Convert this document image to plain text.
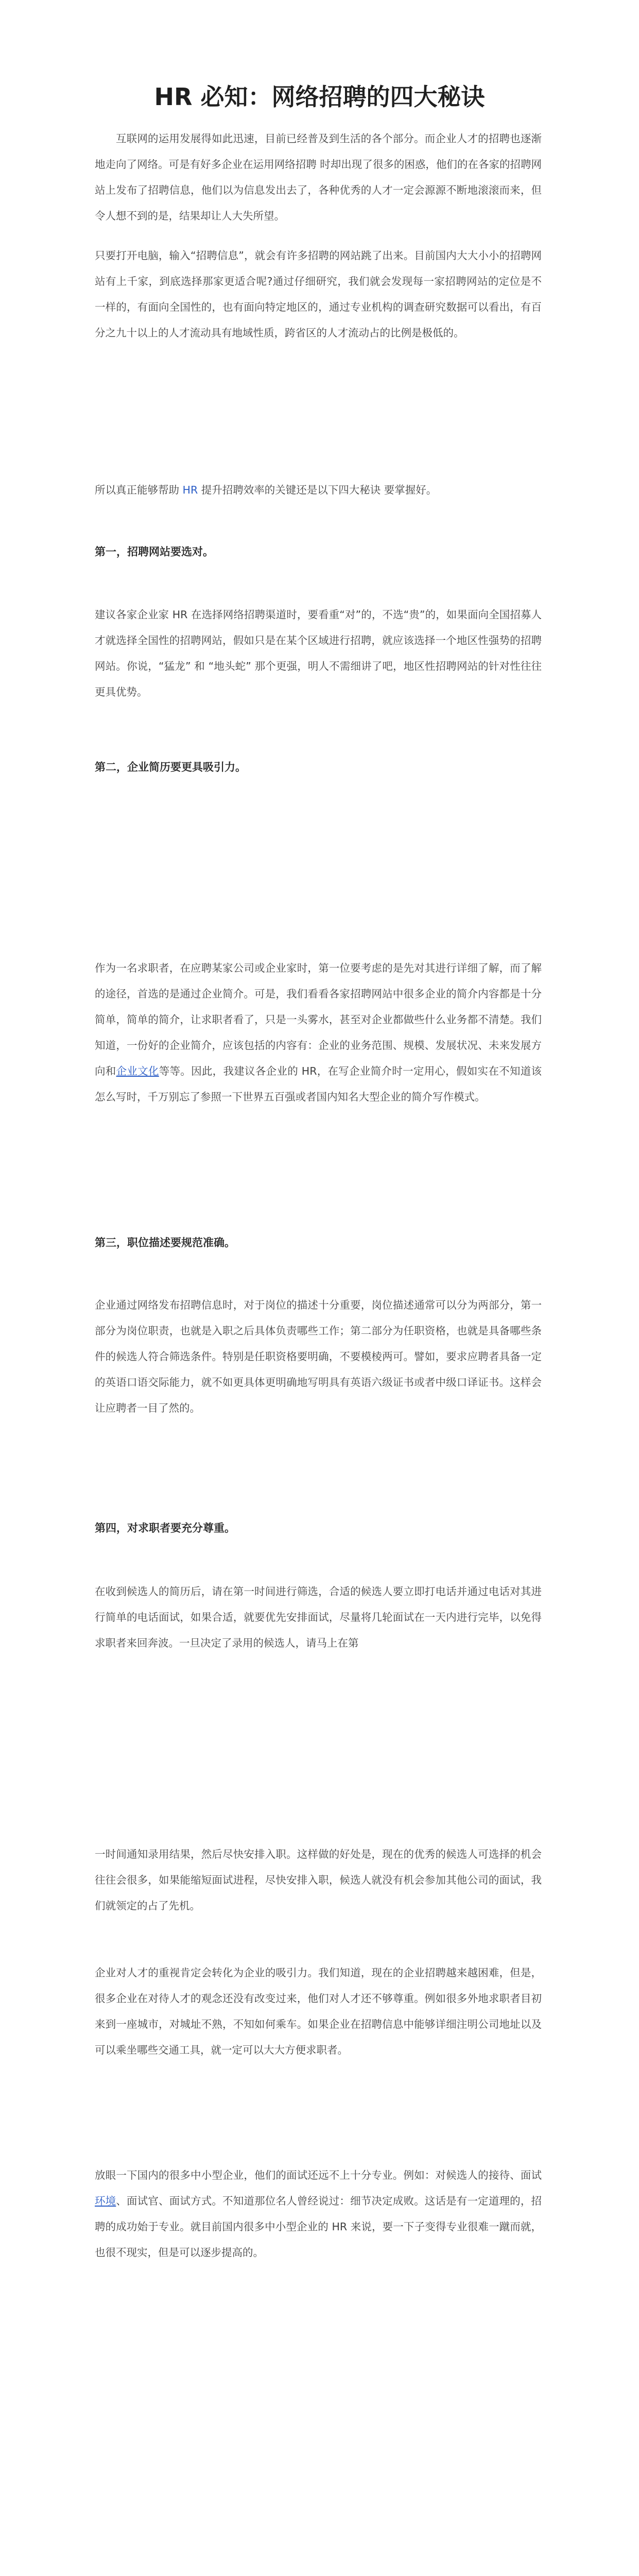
HR 必知：网络招聘的四大秘诀

互联网的运用发展得如此迅速，目前已经普及到生活的各个部分。而企业人才的招聘也逐渐地走向了网络。可是有好多企业在运用网络招聘 时却出现了很多的困惑，他们的在各家的招聘网站上发布了招聘信息，他们以为信息发出去了，各种优秀的人才一定会源源不断地滚滚而来，但令人想不到的是，结果却让人大失所望。

只要打开电脑，输入“招聘信息”，就会有许多招聘的网站跳了出来。目前国内大大小小的招聘网站有上千家，到底选择那家更适合呢?通过仔细研究，我们就会发现每一家招聘网站的定位是不一样的，有面向全国性的，也有面向特定地区的，通过专业机构的调查研究数据可以看出，有百分之九十以上的人才流动具有地域性质，跨省区的人才流动占的比例是极低的。

所以真正能够帮助 HR 提升招聘效率的关键还是以下四大秘诀 要掌握好。

第一，招聘网站要选对。

建议各家企业家 HR 在选择网络招聘渠道时，要看重“对”的，不选“贵”的，如果面向全国招募人才就选择全国性的招聘网站，假如只是在某个区域进行招聘，就应该选择一个地区性强势的招聘网站。你说，“猛龙” 和 “地头蛇” 那个更强，明人不需细讲了吧，地区性招聘网站的针对性往往更具优势。

第二，企业简历要更具吸引力。

作为一名求职者，在应聘某家公司或企业家时，第一位要考虑的是先对其进行详细了解，而了解的途径，首选的是通过企业简介。可是，我们看看各家招聘网站中很多企业的简介内容都是十分简单，简单的简介，让求职者看了，只是一头雾水，甚至对企业都做些什么业务都不清楚。我们知道，一份好的企业简介，应该包括的内容有：企业的业务范围、规模、发展状况、未来发展方向和企业文化等等。因此，我建议各企业的 HR，在写企业简介时一定用心，假如实在不知道该怎么写时，千万别忘了参照一下世界五百强或者国内知名大型企业的简介写作模式。

第三，职位描述要规范准确。

企业通过网络发布招聘信息时，对于岗位的描述十分重要，岗位描述通常可以分为两部分，第一部分为岗位职责，也就是入职之后具体负责哪些工作；第二部分为任职资格，也就是具备哪些条件的候选人符合筛选条件。特别是任职资格要明确，不要模棱两可。譬如，要求应聘者具备一定的英语口语交际能力，就不如更具体更明确地写明具有英语六级证书或者中级口译证书。这样会让应聘者一目了然的。

第四，对求职者要充分尊重。

在收到候选人的简历后，请在第一时间进行筛选，合适的候选人要立即打电话并通过电话对其进行简单的电话面试，如果合适，就要优先安排面试，尽量将几轮面试在一天内进行完毕，以免得求职者来回奔波。一旦决定了录用的候选人，请马上在第

一时间通知录用结果，然后尽快安排入职。这样做的好处是，现在的优秀的候选人可选择的机会往往会很多，如果能缩短面试进程，尽快安排入职，候选人就没有机会参加其他公司的面试，我们就领定的占了先机。

企业对人才的重视肯定会转化为企业的吸引力。我们知道，现在的企业招聘越来越困难，但是，很多企业在对待人才的观念还没有改变过来，他们对人才还不够尊重。例如很多外地求职者目初来到一座城市，对城址不熟，不知如何乘车。如果企业在招聘信息中能够详细注明公司地址以及可以乘坐哪些交通工具，就一定可以大大方便求职者。

放眼一下国内的很多中小型企业，他们的面试还远不上十分专业。例如：对候选人的接待、面试环境、面试官、面试方式。不知道那位名人曾经说过：细节决定成败。这话是有一定道理的，招聘的成功始于专业。就目前国内很多中小型企业的 HR 来说，要一下子变得专业很难一蹴而就，也很不现实，但是可以逐步提高的。
